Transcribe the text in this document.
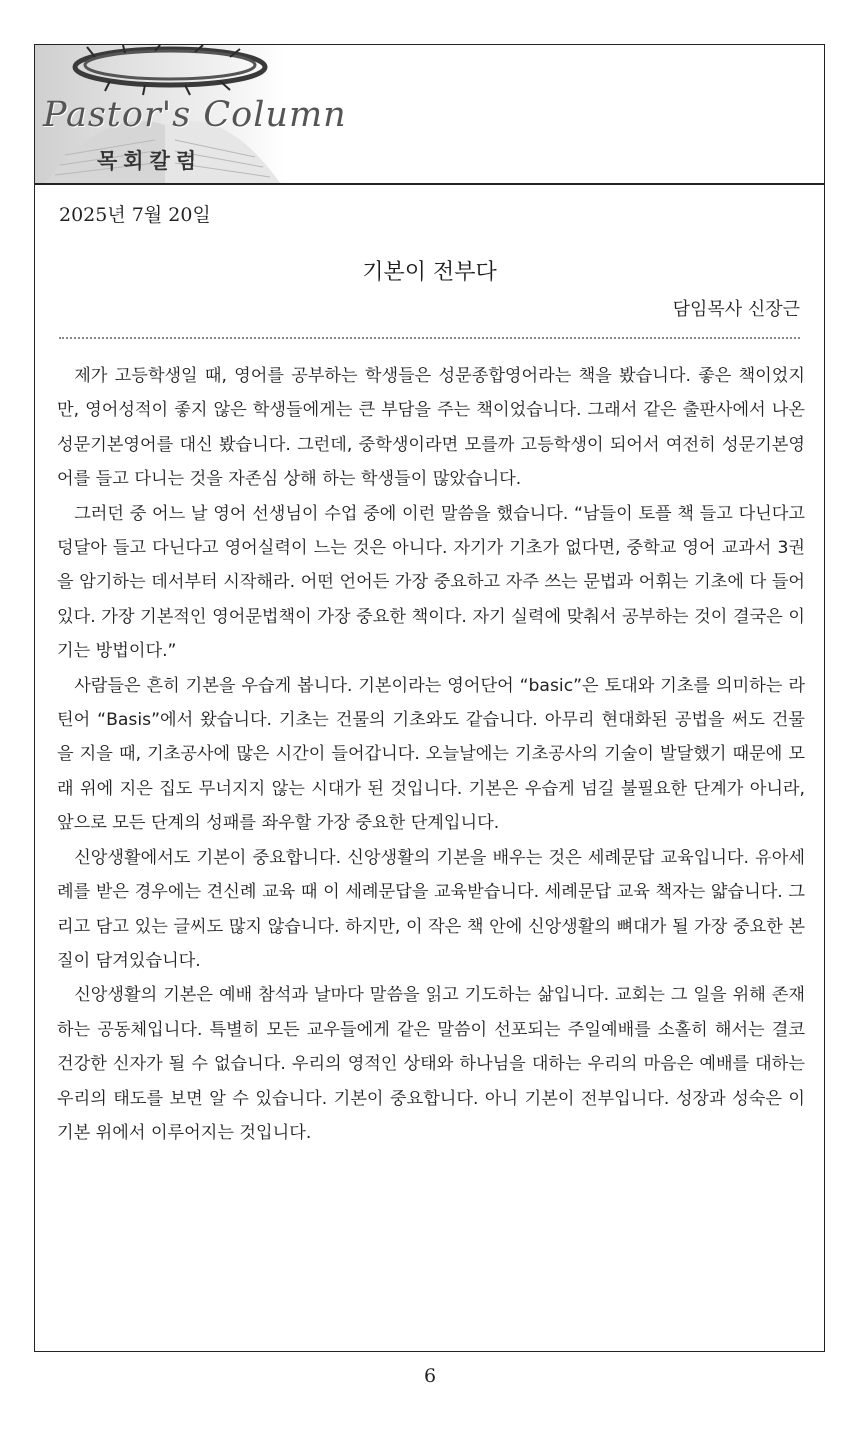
Pastor's Column
목회칼럼
2025년 7월 20일
기본이 전부다
담임목사 신장근

제가 고등학생일 때, 영어를 공부하는 학생들은 성문종합영어라는 책을 봤습니다. 좋은 책이었지만, 영어성적이 좋지 않은 학생들에게는 큰 부담을 주는 책이었습니다. 그래서 같은 출판사에서 나온 성문기본영어를 대신 봤습니다. 그런데, 중학생이라면 모를까 고등학생이 되어서 여전히 성문기본영어를 들고 다니는 것을 자존심 상해 하는 학생들이 많았습니다.

그러던 중 어느 날 영어 선생님이 수업 중에 이런 말씀을 했습니다. “남들이 토플 책 들고 다닌다고 덩달아 들고 다닌다고 영어실력이 느는 것은 아니다. 자기가 기초가 없다면, 중학교 영어 교과서 3권을 암기하는 데서부터 시작해라. 어떤 언어든 가장 중요하고 자주 쓰는 문법과 어휘는 기초에 다 들어있다. 가장 기본적인 영어문법책이 가장 중요한 책이다. 자기 실력에 맞춰서 공부하는 것이 결국은 이기는 방법이다.”

사람들은 흔히 기본을 우습게 봅니다. 기본이라는 영어단어 “basic”은 토대와 기초를 의미하는 라틴어 “Basis”에서 왔습니다. 기초는 건물의 기초와도 같습니다. 아무리 현대화된 공법을 써도 건물을 지을 때, 기초공사에 많은 시간이 들어갑니다. 오늘날에는 기초공사의 기술이 발달했기 때문에 모래 위에 지은 집도 무너지지 않는 시대가 된 것입니다. 기본은 우습게 넘길 불필요한 단계가 아니라, 앞으로 모든 단계의 성패를 좌우할 가장 중요한 단계입니다.

신앙생활에서도 기본이 중요합니다. 신앙생활의 기본을 배우는 것은 세례문답 교육입니다. 유아세례를 받은 경우에는 견신례 교육 때 이 세례문답을 교육받습니다. 세례문답 교육 책자는 얇습니다. 그리고 담고 있는 글씨도 많지 않습니다. 하지만, 이 작은 책 안에 신앙생활의 뼈대가 될 가장 중요한 본질이 담겨있습니다.

신앙생활의 기본은 예배 참석과 날마다 말씀을 읽고 기도하는 삶입니다. 교회는 그 일을 위해 존재하는 공동체입니다. 특별히 모든 교우들에게 같은 말씀이 선포되는 주일예배를 소홀히 해서는 결코 건강한 신자가 될 수 없습니다. 우리의 영적인 상태와 하나님을 대하는 우리의 마음은 예배를 대하는 우리의 태도를 보면 알 수 있습니다. 기본이 중요합니다. 아니 기본이 전부입니다. 성장과 성숙은 이 기본 위에서 이루어지는 것입니다.

6
